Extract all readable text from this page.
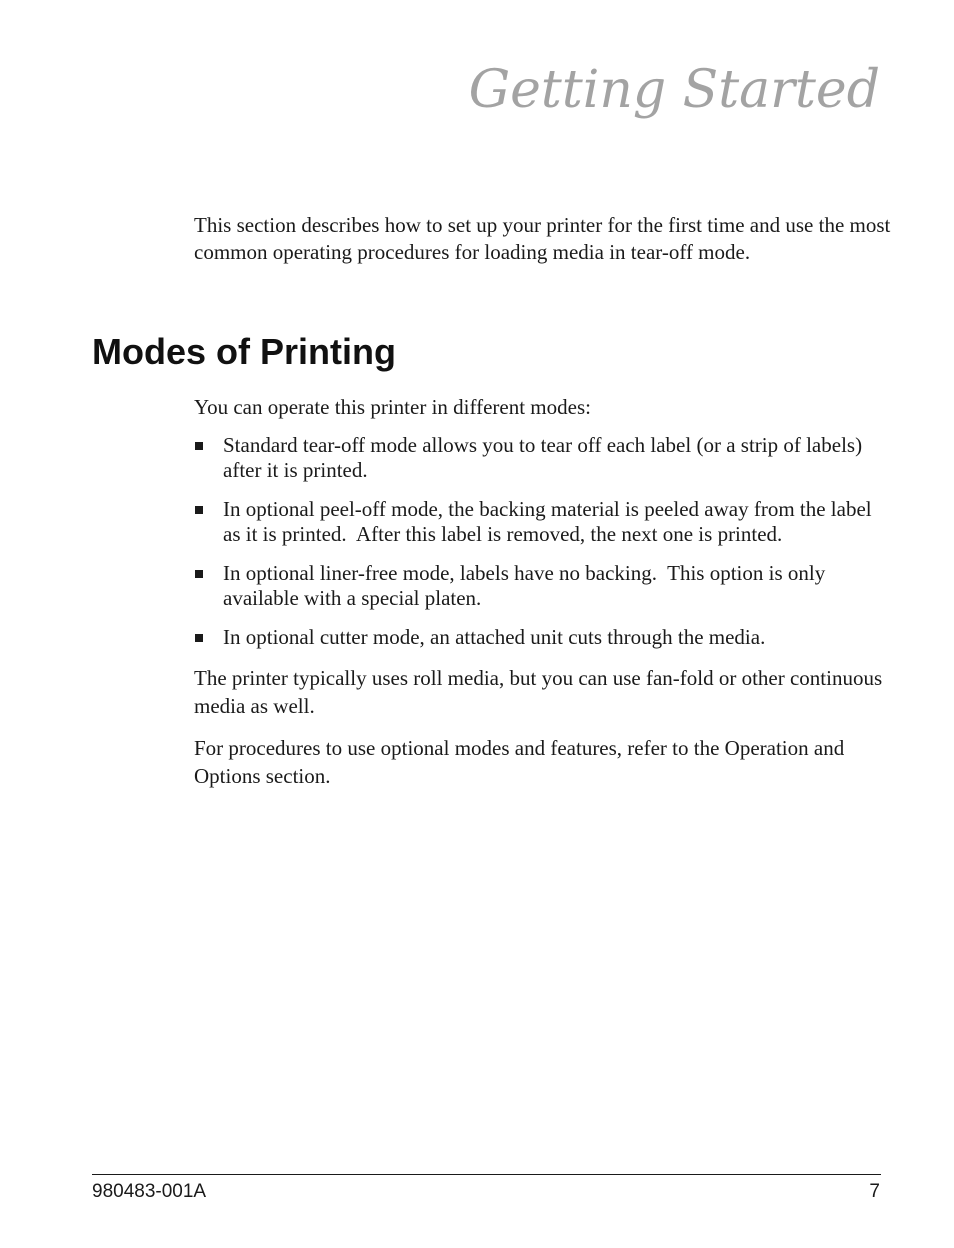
Getting Started

This section describes how to set up your printer for the first time and use the most common operating procedures for loading media in tear-off mode.

Modes of Printing

You can operate this printer in different modes:

Standard tear-off mode allows you to tear off each label (or a strip of labels) after it is printed.
In optional peel-off mode, the backing material is peeled away from the label as it is printed.  After this label is removed, the next one is printed.
In optional liner-free mode, labels have no backing.  This option is only available with a special platen.
In optional cutter mode, an attached unit cuts through the media.

The printer typically uses roll media, but you can use fan-fold or other continuous media as well.

For procedures to use optional modes and features, refer to the Operation and Options section.

980483-001A	7
